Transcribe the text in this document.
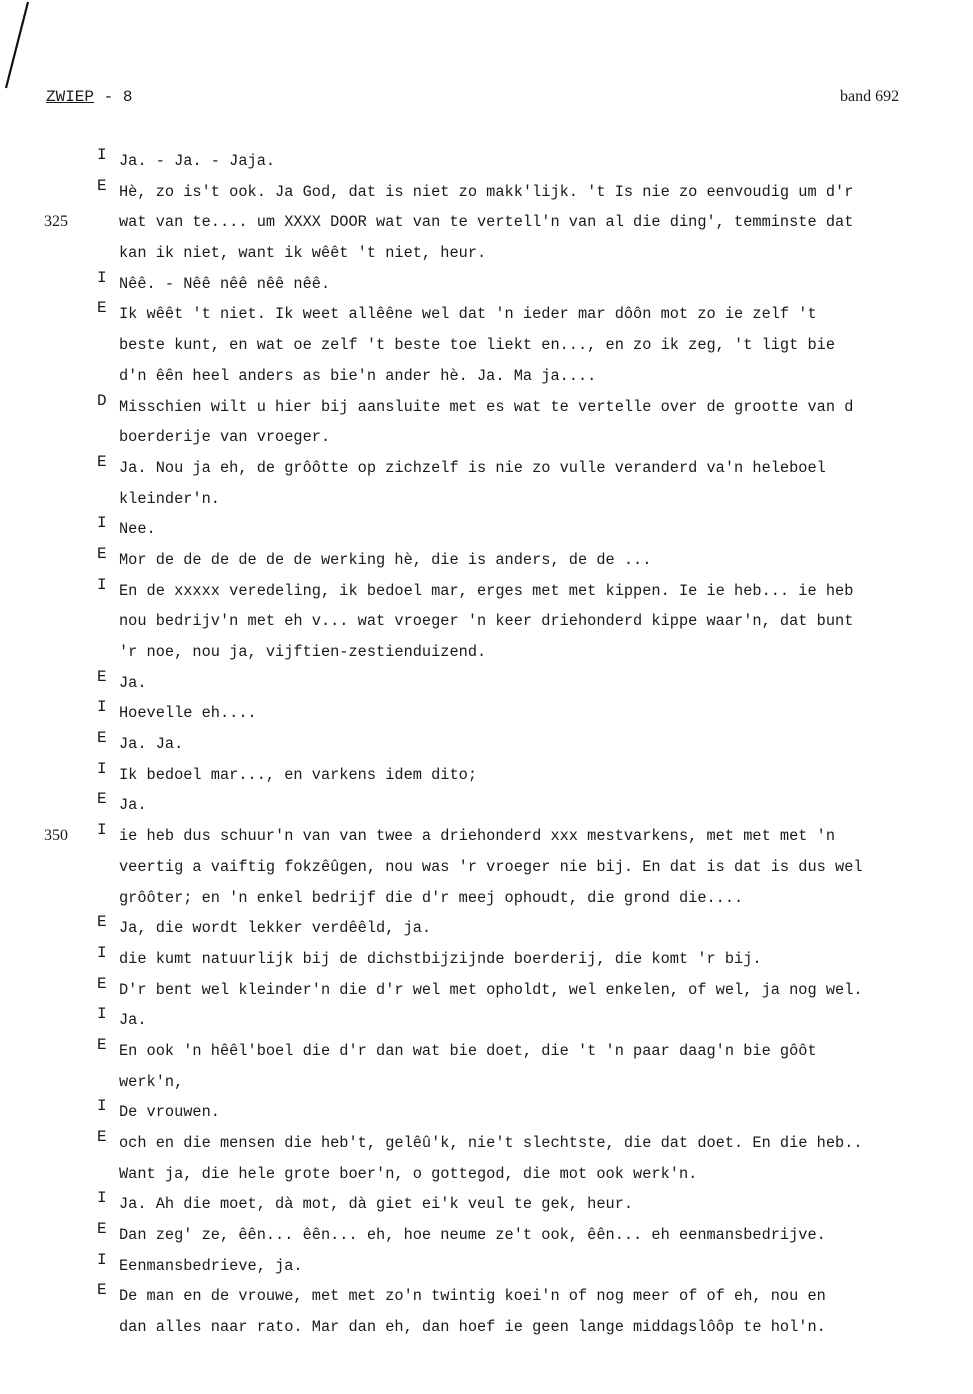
ZWIEP - 8	band 692
I Ja. - Ja. - Jaja.
E Hè, zo is't ook. Ja God, dat is niet zo makk'lijk. 't Is nie zo eenvoudig um d'r
wat van te.... um XXXX DOOR wat van te vertell'n van al die ding', temminste dat
325
kan ik niet, want ik wêêt 't niet, heur.
I Nêê. - Nêê nêê nêê nêê.
E Ik wêêt 't niet. Ik weet allêêne wel dat 'n ieder mar dôôn mot zo ie zelf 't
beste kunt, en wat oe zelf 't beste toe liekt en..., en zo ik zeg, 't ligt bie
d'n êên heel anders as bie'n ander hè. Ja. Ma ja....
D Misschien wilt u hier bij aansluite met es wat te vertelle over de grootte van d
boerderije van vroeger.
E Ja. Nou ja eh, de grôôtte op zichzelf is nie zo vulle veranderd va'n heleboel
kleinder'n.
I Nee.
E Mor de de de de de de werking hè, die is anders, de de ...
I En de xxxxx veredeling, ik bedoel mar, erges met met kippen. Ie ie heb... ie heb
nou bedrijv'n met eh v... wat vroeger 'n keer driehonderd kippe waar'n, dat bunt
'r noe, nou ja, vijftien-zestienduizend.
E Ja.
I Hoevelle eh....
E Ja. Ja.
I Ik bedoel mar..., en varkens idem dito;
E Ja.
I ie heb dus schuur'n van van twee a driehonderd xxx mestvarkens, met met met 'n
350
veertig a vaiftig fokzêûgen, nou was 'r vroeger nie bij. En dat is dat is dus wel
grôôter; en 'n enkel bedrijf die d'r meej ophoudt, die grond die....
E Ja, die wordt lekker verdêêld, ja.
I die kumt natuurlijk bij de dichstbijzijnde boerderij, die komt 'r bij.
E D'r bent wel kleinder'n die d'r wel met opholdt, wel enkelen, of wel, ja nog wel.
I Ja.
E En ook 'n hêêl'boel die d'r dan wat bie doet, die 't 'n paar daag'n bie gôôt
werk'n,
I De vrouwen.
E och en die mensen die heb't, gelêû'k, nie't slechtste, die dat doet. En die heb..
Want ja, die hele grote boer'n, o gottegod, die mot ook werk'n.
I Ja. Ah die moet, dà mot, dà giet ei'k veul te gek, heur.
E Dan zeg' ze, êên... êên... eh, hoe neume ze't ook, êên... eh eenmansbedrijve.
I Eenmansbedrieve, ja.
E De man en de vrouwe, met met zo'n twintig koei'n of nog meer of of eh, nou en
dan alles naar rato. Mar dan eh, dan hoef ie geen lange middagslôôp te hol'n.
